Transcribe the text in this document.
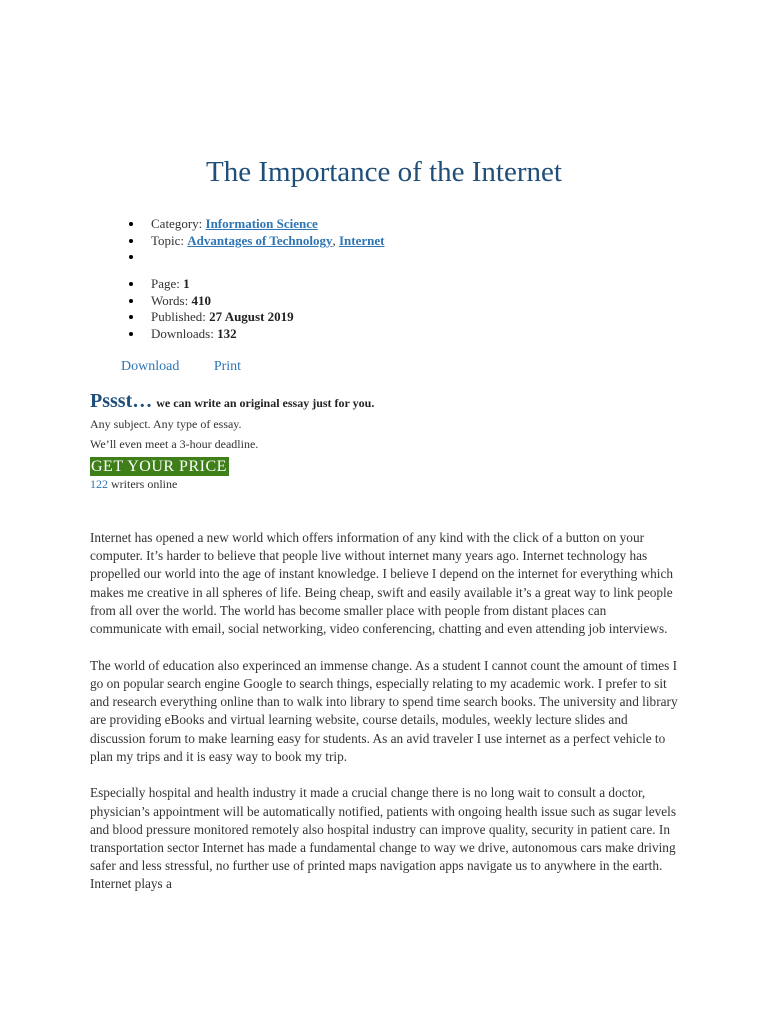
The Importance of the Internet
Category: Information Science
Topic: Advantages of Technology, Internet
Page: 1
Words: 410
Published: 27 August 2019
Downloads: 132
Download Print
Pssst… we can write an original essay just for you.
Any subject. Any type of essay.
We’ll even meet a 3-hour deadline.
GET YOUR PRICE
122 writers online

Internet has opened a new world which offers information of any kind with the click of a button on your computer. It’s harder to believe that people live without internet many years ago. Internet technology has propelled our world into the age of instant knowledge. I believe I depend on the internet for everything which makes me creative in all spheres of life. Being cheap, swift and easily available it’s a great way to link people from all over the world. The world has become smaller place with people from distant places can communicate with email, social networking, video conferencing, chatting and even attending job interviews.

The world of education also experinced an immense change. As a student I cannot count the amount of times I go on popular search engine Google to search things, especially relating to my academic work. I prefer to sit and research everything online than to walk into library to spend time search books. The university and library are providing eBooks and virtual learning website, course details, modules, weekly lecture slides and discussion forum to make learning easy for students. As an avid traveler I use internet as a perfect vehicle to plan my trips and it is easy way to book my trip.

Especially hospital and health industry it made a crucial change there is no long wait to consult a doctor, physician’s appointment will be automatically notified, patients with ongoing health issue such as sugar levels and blood pressure monitored remotely also hospital industry can improve quality, security in patient care. In transportation sector Internet has made a fundamental change to way we drive, autonomous cars make driving safer and less stressful, no further use of printed maps navigation apps navigate us to anywhere in the earth. Internet plays a
